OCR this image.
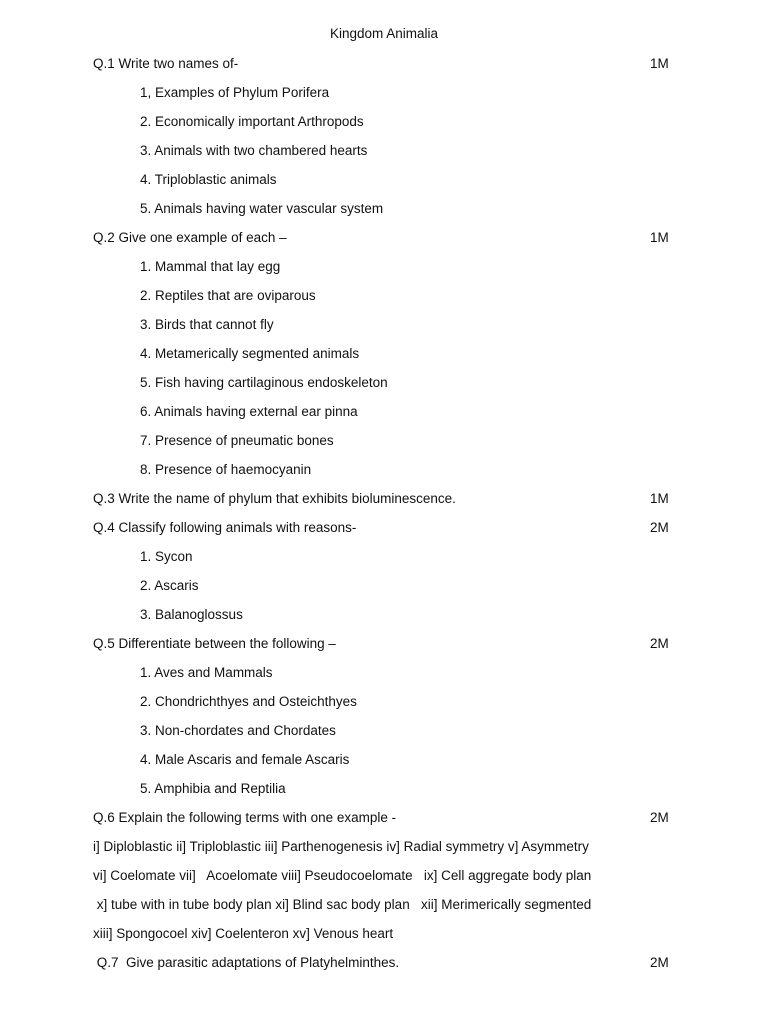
Kingdom Animalia
Q.1 Write two names of-	1M
1, Examples of Phylum Porifera
2. Economically important Arthropods
3. Animals with two chambered hearts
4. Triploblastic animals
5. Animals having water vascular system
Q.2 Give one example of each –	1M
1. Mammal that lay egg
2. Reptiles that are oviparous
3. Birds that cannot fly
4. Metamerically segmented animals
5. Fish having cartilaginous endoskeleton
6. Animals having external ear pinna
7. Presence of pneumatic bones
8. Presence of haemocyanin
Q.3 Write the name of phylum that exhibits bioluminescence.	1M
Q.4 Classify following animals with reasons-	2M
1. Sycon
2. Ascaris
3. Balanoglossus
Q.5 Differentiate between the following –	2M
1. Aves and Mammals
2. Chondrichthyes and Osteichthyes
3. Non-chordates and Chordates
4. Male Ascaris and female Ascaris
5. Amphibia and Reptilia
Q.6 Explain the following terms with one example -	2M
i] Diploblastic ii] Triploblastic iii] Parthenogenesis iv] Radial symmetry v] Asymmetry
vi] Coelomate vii]   Acoelomate viii] Pseudocoelomate   ix] Cell aggregate body plan
x] tube with in tube body plan xi] Blind sac body plan   xii] Merimerically segmented
xiii] Spongocoel xiv] Coelenteron xv] Venous heart
Q.7  Give parasitic adaptations of Platyhelminthes.	2M
